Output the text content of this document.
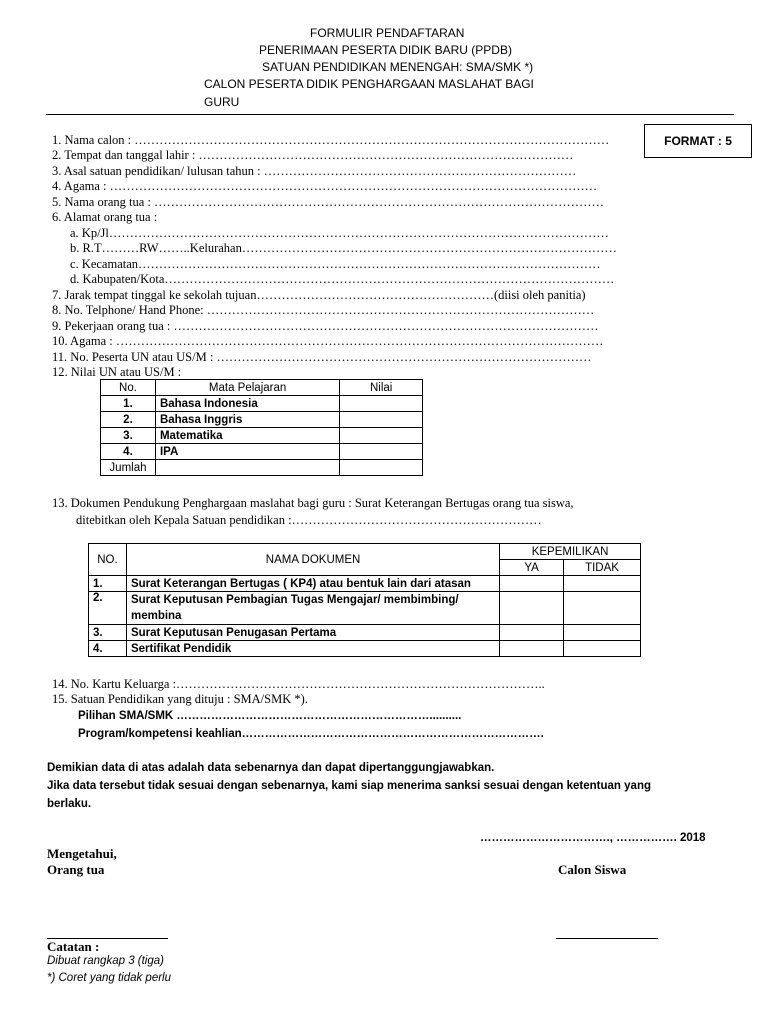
FORMULIR PENDAFTARAN
PENERIMAAN PESERTA DIDIK BARU (PPDB)
SATUAN PENDIDIKAN MENENGAH: SMA/SMK *)
CALON PESERTA DIDIK PENGHARGAAN MASLAHAT BAGI
GURU
FORMAT : 5
1. Nama calon : ……………………………………………………………………………………………………
2. Tempat dan tanggal lahir : ………………………………………………………………………………
3. Asal satuan pendidikan/ lulusan tahun : …………………………………………………………………
4. Agama : ………………………………………………………………………………………………………
5. Nama orang tua : ………………………………………………………………………………………………
6. Alamat orang tua :
a. Kp/Jl…………………………………………………………………………………………………………
b. R.T………RW……..Kelurahan………………………………………………………………………………
c. Kecamatan…………………………………………………………………………………………………
d. Kabupaten/Kota………………………………………………………………………………………………
7. Jarak tempat tinggal ke sekolah tujuan…………………………………………………(diisi oleh panitia)
8. No. Telphone/ Hand Phone: …………………………………………………………………………………
9. Pekerjaan orang tua : …………………………………………………………………………………………
10. Agama : ………………………………………………………………………………………………………
11. No. Peserta UN atau US/M : ………………………………………………………………………………
12. Nilai UN atau US/M :
No.	Mata Pelajaran	Nilai
1.	Bahasa Indonesia	
2.	Bahasa Inggris	
3.	Matematika	
4.	IPA	
Jumlah		
13. Dokumen Pendukung Penghargaan maslahat bagi guru : Surat Keterangan Bertugas orang tua siswa,
ditebitkan oleh Kepala Satuan pendidikan :……………………………………………………
NO.	NAMA DOKUMEN	KEPEMILIKAN	
		YA	TIDAK
1.	Surat Keterangan Bertugas ( KP4) atau bentuk lain dari atasan		
2.	Surat Keputusan Pembagian Tugas Mengajar/ membimbing/
membina		

3.	Surat Keputusan Penugasan Pertama		
4.	Sertifikat Pendidik		
14. No. Kartu Keluarga :……………………………………………………………………………..
15. Satuan Pendidikan yang dituju : SMA/SMK *).
Pilihan SMA/SMK …………………………………………………………..........
Program/kompetensi keahlian…………………………………………………………………….
Demikian data di atas adalah data sebenarnya dan dapat dipertanggungjawabkan.
Jika data tersebut tidak sesuai dengan sebenarnya, kami siap menerima sanksi sesuai dengan ketentuan yang
berlaku.
……………………………., ……………. 2018
Mengetahui,
Orang tua	Calon Siswa
Catatan :
Dibuat rangkap 3 (tiga)
*) Coret yang tidak perlu
